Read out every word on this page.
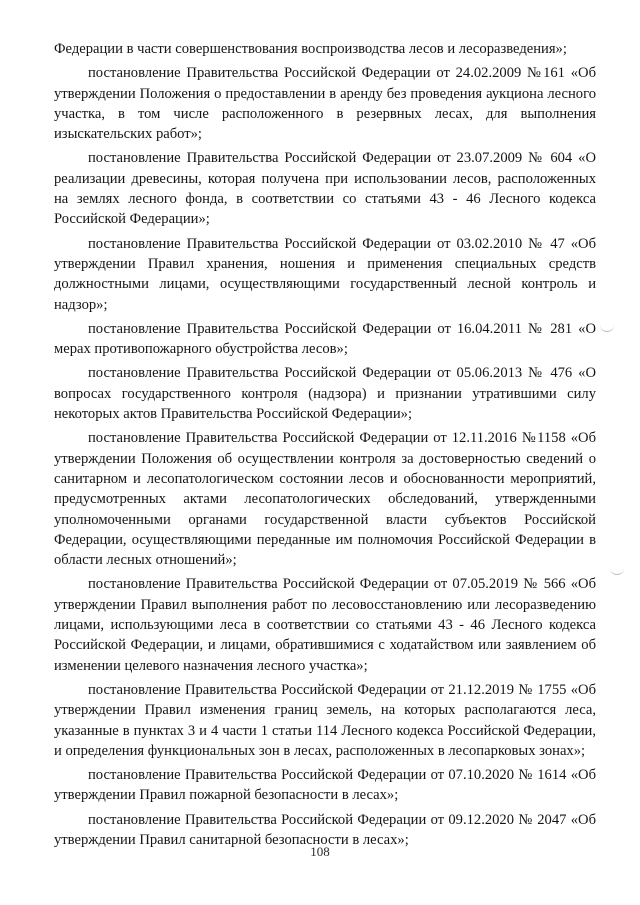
Федерации в части совершенствования воспроизводства лесов и лесоразведения»;

постановление Правительства Российской Федерации от 24.02.2009 №161 «Об утверждении Положения о предоставлении в аренду без проведения аукциона лесного участка, в том числе расположенного в резервных лесах, для выполнения изыскательских работ»;

постановление Правительства Российской Федерации от 23.07.2009 № 604 «О реализации древесины, которая получена при использовании лесов, расположенных на землях лесного фонда, в соответствии со статьями 43 - 46 Лесного кодекса Российской Федерации»;

постановление Правительства Российской Федерации от 03.02.2010 № 47 «Об утверждении Правил хранения, ношения и применения специальных средств должностными лицами, осуществляющими государственный лесной контроль и надзор»;

постановление Правительства Российской Федерации от 16.04.2011 № 281 «О мерах противопожарного обустройства лесов»;

постановление Правительства Российской Федерации от 05.06.2013 № 476 «О вопросах государственного контроля (надзора) и признании утратившими силу некоторых актов Правительства Российской Федерации»;

постановление Правительства Российской Федерации от 12.11.2016 №1158 «Об утверждении Положения об осуществлении контроля за достоверностью сведений о санитарном и лесопатологическом состоянии лесов и обоснованности мероприятий, предусмотренных актами лесопатологических обследований, утвержденными уполномоченными органами государственной власти субъектов Российской Федерации, осуществляющими переданные им полномочия Российской Федерации в области лесных отношений»;

постановление Правительства Российской Федерации от 07.05.2019 № 566 «Об утверждении Правил выполнения работ по лесовосстановлению или лесоразведению лицами, использующими леса в соответствии со статьями 43 - 46 Лесного кодекса Российской Федерации, и лицами, обратившимися с ходатайством или заявлением об изменении целевого назначения лесного участка»;

постановление Правительства Российской Федерации от 21.12.2019 № 1755 «Об утверждении Правил изменения границ земель, на которых располагаются леса, указанные в пунктах 3 и 4 части 1 статьи 114 Лесного кодекса Российской Федерации, и определения функциональных зон в лесах, расположенных в лесопарковых зонах»;

постановление Правительства Российской Федерации от 07.10.2020 № 1614 «Об утверждении Правил пожарной безопасности в лесах»;

постановление Правительства Российской Федерации от 09.12.2020 № 2047 «Об утверждении Правил санитарной безопасности в лесах»;

108
